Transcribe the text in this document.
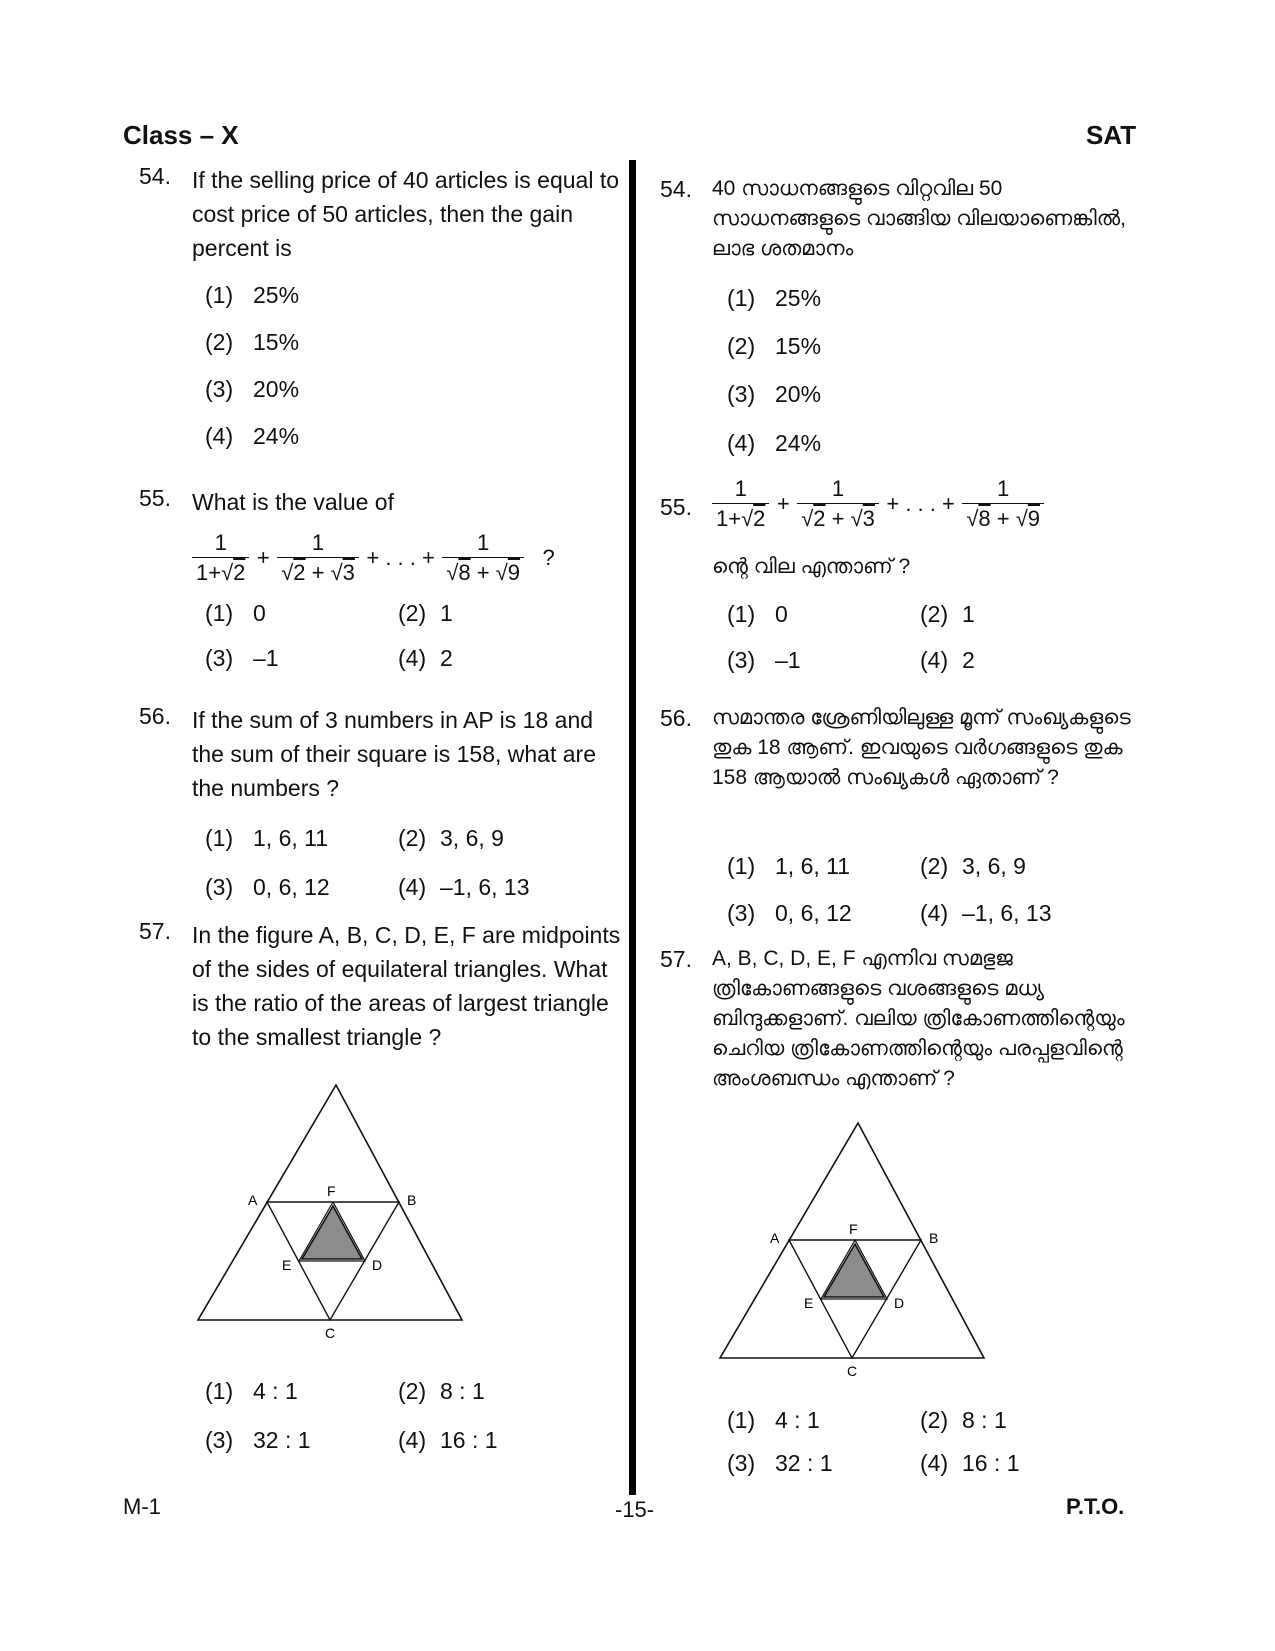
Class – X	SAT
54. If the selling price of 40 articles is equal to cost price of 50 articles, then the gain percent is
(1) 25%
(2) 15%
(3) 20%
(4) 24%
55. What is the value of
$\frac{1}{1+√2} + \frac{1}{√2 + √3}$ + . . . + $\frac{1}{√8 + √9}$ ?
(1) 0	(2) 1
(3) –1	(4) 2
56. If the sum of 3 numbers in AP is 18 and the sum of their square is 158, what are the numbers ?
(1) 1, 6, 11	(2) 3, 6, 9
(3) 0, 6, 12	(4) –1, 6, 13
57. In the figure A, B, C, D, E, F are midpoints of the sides of equilateral triangles. What is the ratio of the areas of largest triangle to the smallest triangle ?
A	B
C
D
E
F
(1) 4 : 1	(2) 8 : 1
(3) 32 : 1	(4) 16 : 1
54. 40 സാധനങ്ങളുടെ വിറ്റവില 50 സാധനങ്ങളുടെ വാങ്ങിയ വിലയാണെങ്കിൽ, ലാഭ ശതമാനം
(1) 25%
(2) 15%
(3) 20%
(4) 24%
55. $\frac{1}{1+√2} + \frac{1}{√2 + √3}$ + . . . + $\frac{1}{√8 + √9}$
ന്റെ വില എന്താണ് ?
(1) 0	(2) 1
(3) –1	(4) 2
56. സമാന്തര ശ്രേണിയിലുള്ള മൂന്ന് സംഖ്യകളുടെ തുക 18 ആണ്. ഇവയുടെ വർഗങ്ങളുടെ തുക 158 ആയാൽ സംഖ്യകൾ ഏതാണ് ?
(1) 1, 6, 11	(2) 3, 6, 9
(3) 0, 6, 12	(4) –1, 6, 13
57. A, B, C, D, E, F എന്നിവ സമഭുജ ത്രികോണങ്ങളുടെ വശങ്ങളുടെ മധ്യ ബിന്ദുക്കളാണ്. വലിയ ത്രികോണത്തിന്റെയും ചെറിയ ത്രികോണത്തിന്റെയും പരപ്പളവിന്റെ അംശബന്ധം എന്താണ് ?
A	B
C
D
E
F
(1) 4 : 1	(2) 8 : 1
(3) 32 : 1	(4) 16 : 1
M-1	-15-	P.T.O.
